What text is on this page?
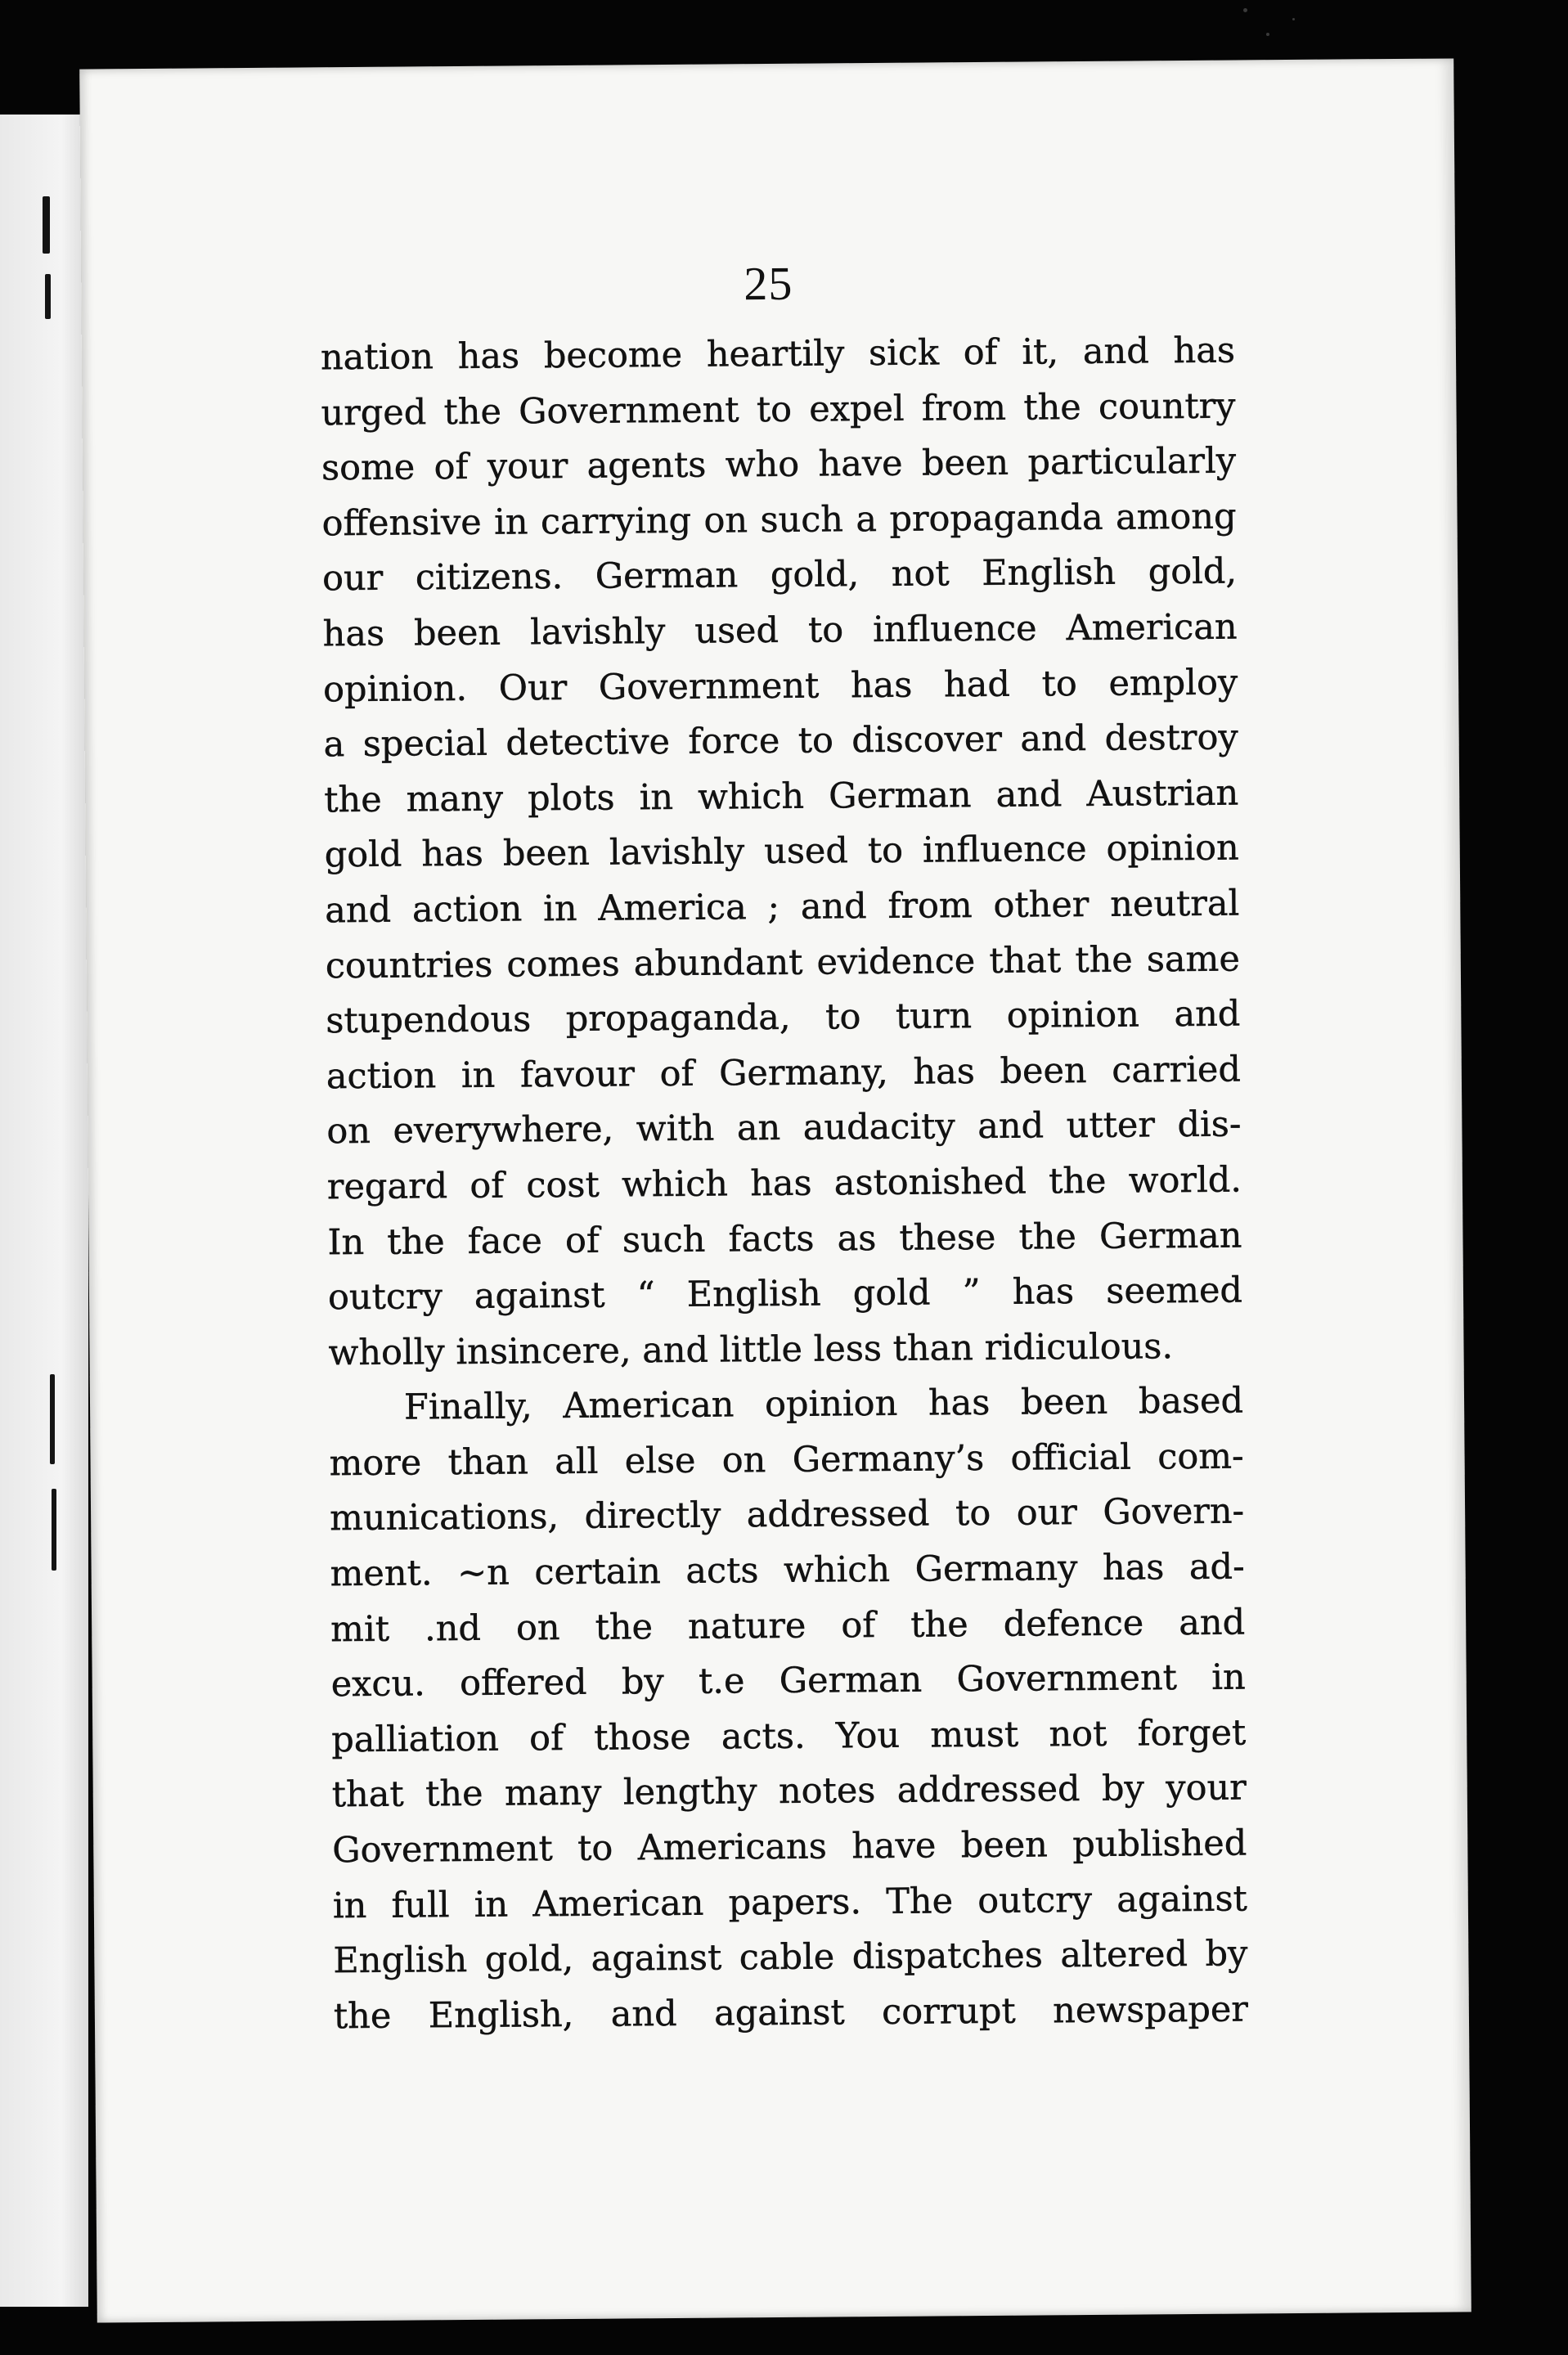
25
nation has become heartily sick of it, and has
urged the Government to expel from the country
some of your agents who have been particularly
offensive in carrying on such a propaganda among
our citizens. German gold, not English gold,
has been lavishly used to influence American
opinion. Our Government has had to employ
a special detective force to discover and destroy
the many plots in which German and Austrian
gold has been lavishly used to influence opinion
and action in America ; and from other neutral
countries comes abundant evidence that the same
stupendous propaganda, to turn opinion and
action in favour of Germany, has been carried
on everywhere, with an audacity and utter dis-
regard of cost which has astonished the world.
In the face of such facts as these the German
outcry against “ English gold ” has seemed
wholly insincere, and little less than ridiculous.
Finally, American opinion has been based
more than all else on Germany’s official com-
munications, directly addressed to our Govern-
ment. ~n certain acts which Germany has ad-
mit .nd on the nature of the defence and
excu. offered by t.e German Government in
palliation of those acts. You must not forget
that the many lengthy notes addressed by your
Government to Americans have been published
in full in American papers. The outcry against
English gold, against cable dispatches altered by
the English, and against corrupt newspaper
